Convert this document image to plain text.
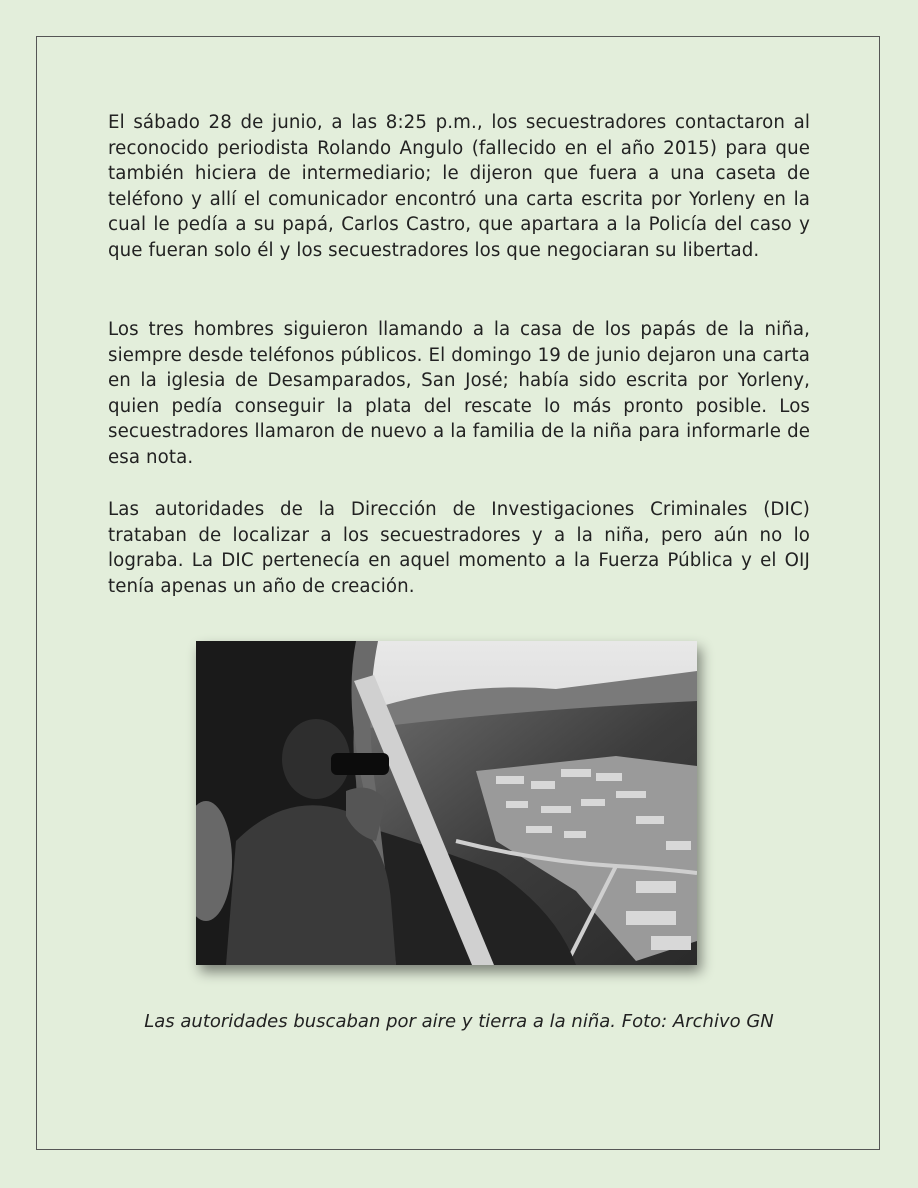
El sábado 28 de junio, a las 8:25 p.m., los secuestradores contactaron al reconocido periodista Rolando Angulo (fallecido en el año 2015) para que también hiciera de intermediario; le dijeron que fuera a una caseta de teléfono y allí el comunicador encontró una carta escrita por Yorleny en la cual le pedía a su papá, Carlos Castro, que apartara a la Policía del caso y que fueran solo él y los secuestradores los que negociaran su libertad.

Los tres hombres siguieron llamando a la casa de los papás de la niña, siempre desde teléfonos públicos. El domingo 19 de junio dejaron una carta en la iglesia de Desamparados, San José; había sido escrita por Yorleny, quien pedía conseguir la plata del rescate lo más pronto posible. Los secuestradores llamaron de nuevo a la familia de la niña para informarle de esa nota.

Las autoridades de la Dirección de Investigaciones Criminales (DIC) trataban de localizar a los secuestradores y a la niña, pero aún no lo lograba. La DIC pertenecía en aquel momento a la Fuerza Pública y el OIJ tenía apenas un año de creación.

Las autoridades buscaban por aire y tierra a la niña. Foto: Archivo GN
